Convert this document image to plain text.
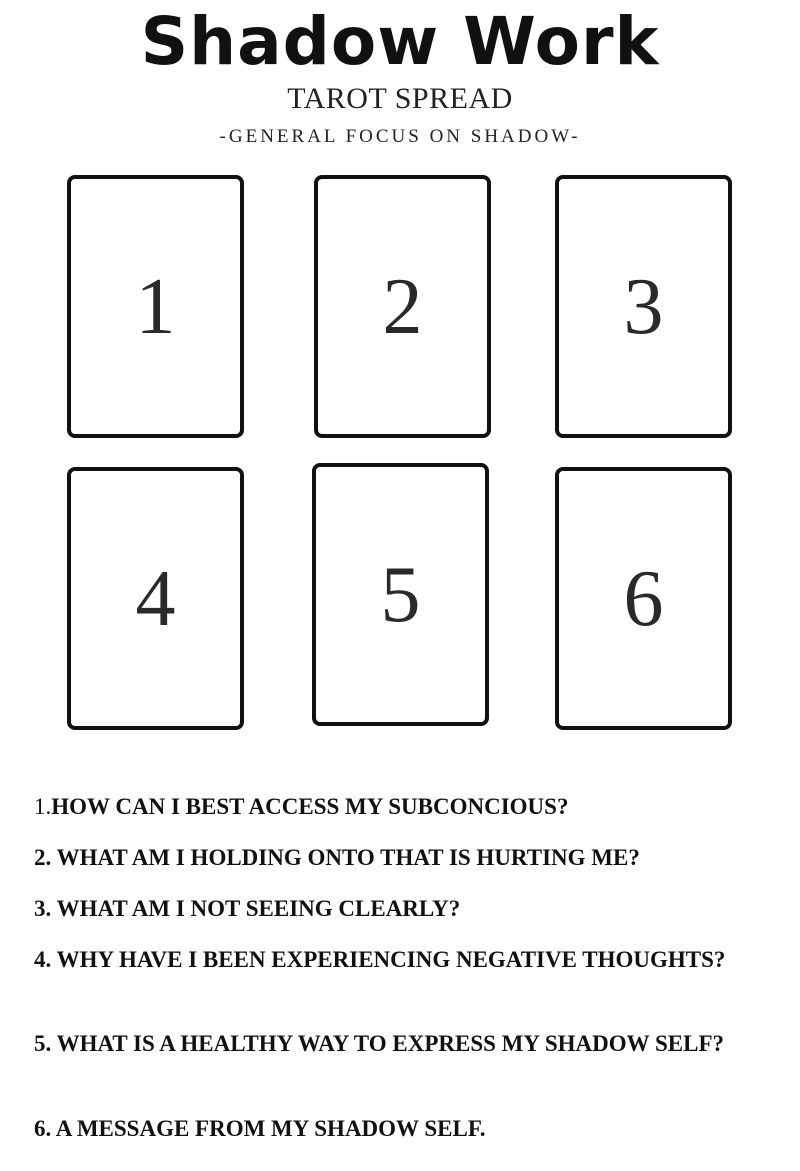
Shadow Work
TAROT SPREAD
-GENERAL FOCUS ON SHADOW-
1	2	3
4	5	6
1.HOW CAN I BEST ACCESS MY SUBCONCIOUS?
2. WHAT AM I HOLDING ONTO THAT IS HURTING ME?
3. WHAT AM I NOT SEEING CLEARLY?
4. WHY HAVE I BEEN EXPERIENCING NEGATIVE THOUGHTS?
5. WHAT IS A HEALTHY WAY TO EXPRESS MY SHADOW SELF?
6. A MESSAGE FROM MY SHADOW SELF.
